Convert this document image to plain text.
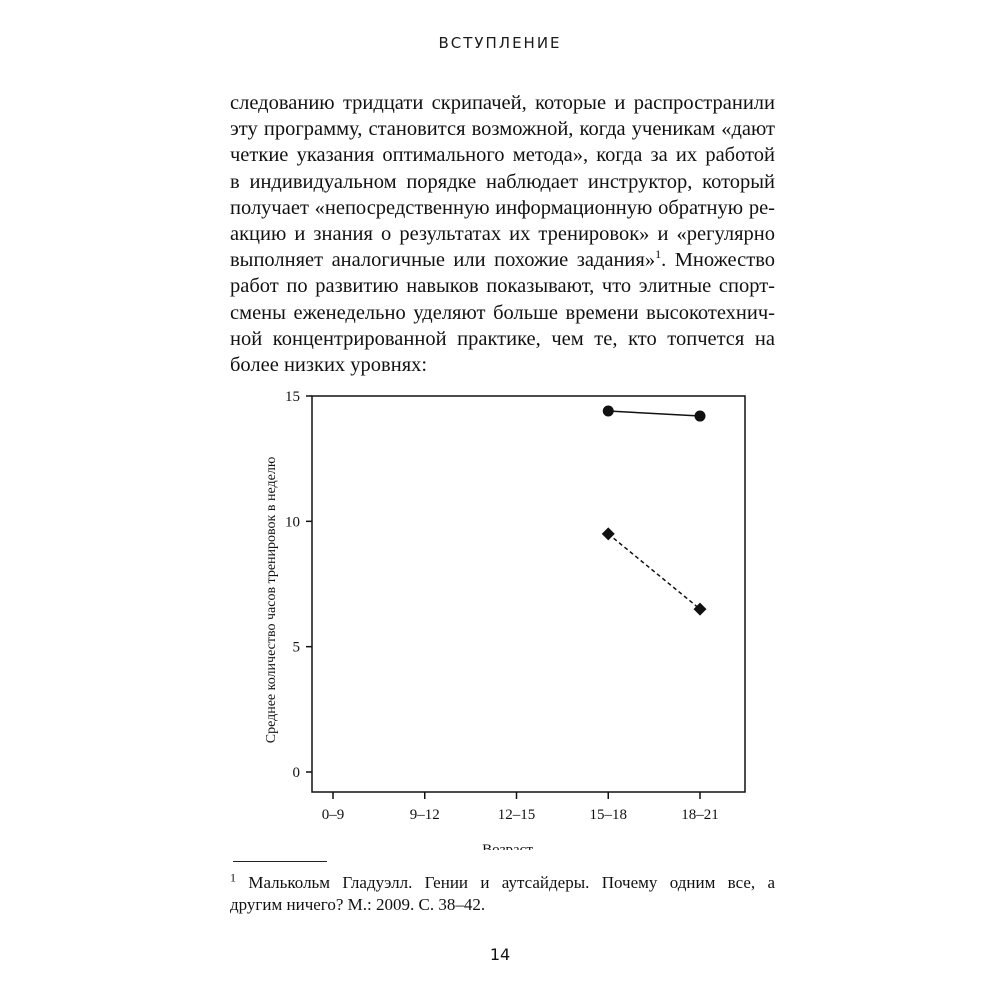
ВСТУПЛЕНИЕ
следованию тридцати скрипачей, которые и распространили
эту программу, становится возможной, когда ученикам «дают
четкие указания оптимального метода», когда за их работой
в индивидуальном порядке наблюдает инструктор, который
получает «непосредственную информационную обратную ре-
акцию и знания о результатах их тренировок» и «регулярно
выполняет аналогичные или похожие задания»$^1$. Множество
работ по развитию навыков показывают, что элитные спорт-
смены еженедельно уделяют больше времени высокотехнич-
ной концентрированной практике, чем те, кто топчется на
более низких уровнях:
0
5
10
15
0–9	9–12	12–15	15–18	18–21
Возраст
Среднее количество часов тренировок в неделю
$^1$ Малькольм Гладуэлл. Гении и аутсайдеры. Почему одним все, а
другим ничего? М.: 2009. С. 38–42.
14
